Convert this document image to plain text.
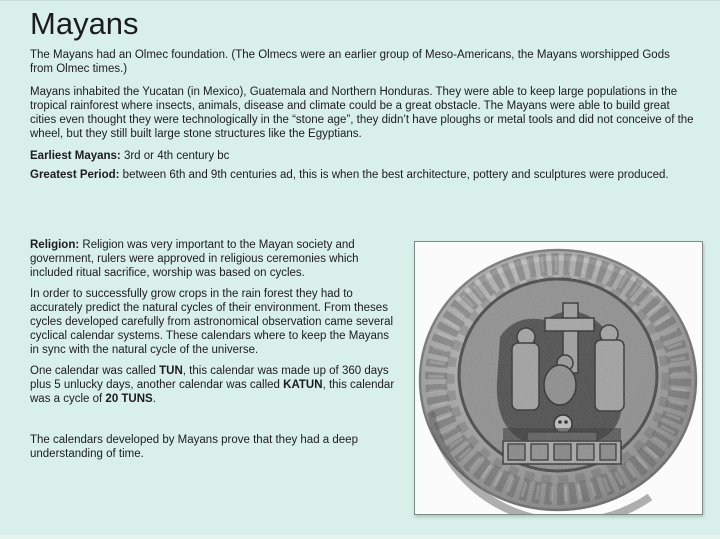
Mayans

The Mayans had an Olmec foundation. (The Olmecs were an earlier group of Meso-Americans, the Mayans worshipped Gods from Olmec times.)

Mayans inhabited the Yucatan (in Mexico), Guatemala and Northern Honduras. They were able to keep large populations in the tropical rainforest where insects, animals, disease and climate could be a great obstacle. The Mayans were able to build great cities even thought they were technologically in the “stone age”, they didn’t have ploughs or metal tools and did not conceive of the wheel, but they still built large stone structures like the Egyptians.

Earliest Mayans: 3rd or 4th century bc

Greatest Period: between 6th and 9th centuries ad, this is when the best architecture, pottery and sculptures were produced.

Religion: Religion was very important to the Mayan society and government, rulers were approved in religious ceremonies which included ritual sacrifice, worship was based on cycles.

In order to successfully grow crops in the rain forest they had to accurately predict the natural cycles of their environment. From theses cycles developed carefully from astronomical observation came several cyclical calendar systems. These calendars where to keep the Mayans in sync with the natural cycle of the universe.

One calendar was called TUN, this calendar was made up of 360 days plus 5 unlucky days, another calendar was called KATUN, this calendar was a cycle of 20 TUNS.

The calendars developed by Mayans prove that they had a deep understanding of time.
